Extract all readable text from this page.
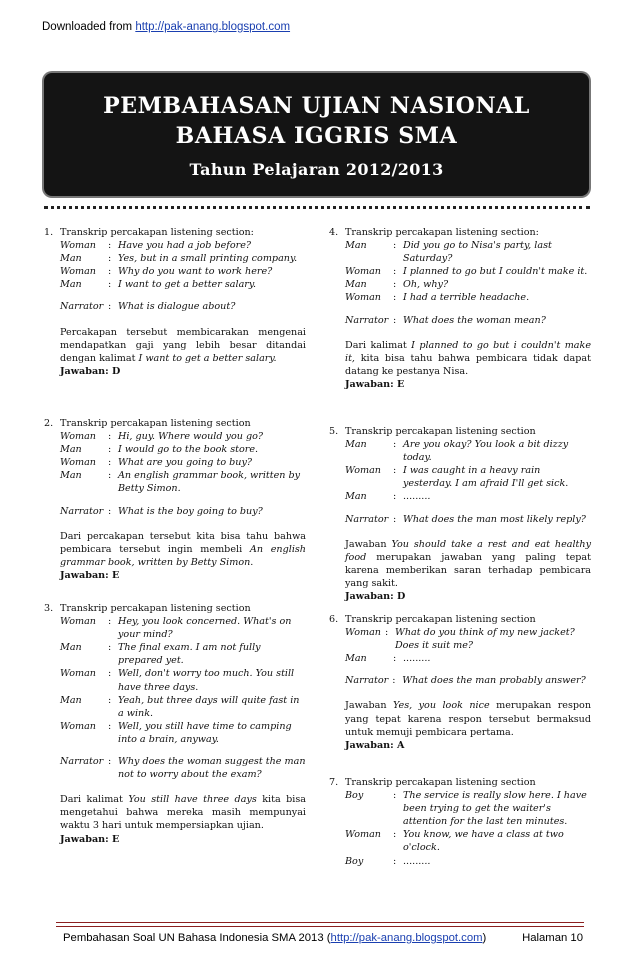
Downloaded from http://pak-anang.blogspot.com
PEMBAHASAN UJIAN NASIONAL
BAHASA IGGRIS SMA
Tahun Pelajaran 2012/2013
1. Transkrip percakapan listening section:
Woman	: Have you had a job before?
Man	: Yes, but in a small printing company.
Woman	: Why do you want to work here?
Man	: I want to get a better salary.
Narrator : What is dialogue about?
Percakapan tersebut membicarakan mengenai mendapatkan gaji yang lebih besar ditandai dengan kalimat I want to get a better salary.
Jawaban: D
2. Transkrip percakapan listening section
Woman	: Hi, guy. Where would you go?
Man	: I would go to the book store.
Woman	: What are you going to buy?
Man	: An english grammar book, written by Betty Simon.
Narrator : What is the boy going to buy?
Dari percakapan tersebut kita bisa tahu bahwa pembicara tersebut ingin membeli An english grammar book, written by Betty Simon.
Jawaban: E
3. Transkrip percakapan listening section
Woman	: Hey, you look concerned. What's on your mind?
Man	: The final exam. I am not fully prepared yet.
Woman	: Well, don't worry too much. You still have three days.
Man	: Yeah, but three days will quite fast in a wink.
Woman	: Well, you still have time to camping into a brain, anyway.
Narrator : Why does the woman suggest the man not to worry about the exam?
Dari kalimat You still have three days kita bisa mengetahui bahwa mereka masih mempunyai waktu 3 hari untuk mempersiapkan ujian.
Jawaban: E
4. Transkrip percakapan listening section:
Man	: Did you go to Nisa's party, last Saturday?
Woman	: I planned to go but I couldn't make it.
Man	: Oh, why?
Woman	: I had a terrible headache.
Narrator : What does the woman mean?
Dari kalimat I planned to go but i couldn't make it, kita bisa tahu bahwa pembicara tidak dapat datang ke pestanya Nisa.
Jawaban: E
5. Transkrip percakapan listening section
Man	: Are you okay? You look a bit dizzy today.
Woman	: I was caught in a heavy rain yesterday. I am afraid I'll get sick.
Man	: .........
Narrator : What does the man most likely reply?
Jawaban You should take a rest and eat healthy food merupakan jawaban yang paling tepat karena memberikan saran terhadap pembicara yang sakit.
Jawaban: D
6. Transkrip percakapan listening section
Woman : What do you think of my new jacket? Does it suit me?
Man	: .........
Narrator : What does the man probably answer?
Jawaban Yes, you look nice merupakan respon yang tepat karena respon tersebut bermaksud untuk memuji pembicara pertama.
Jawaban: A
7. Transkrip percakapan listening section
Boy	: The service is really slow here. I have been trying to get the waiter's attention for the last ten minutes.
Woman	: You know, we have a class at two o'clock.
Boy	: .........
Pembahasan Soal UN Bahasa Indonesia SMA 2013 (http://pak-anang.blogspot.com)	Halaman 10
